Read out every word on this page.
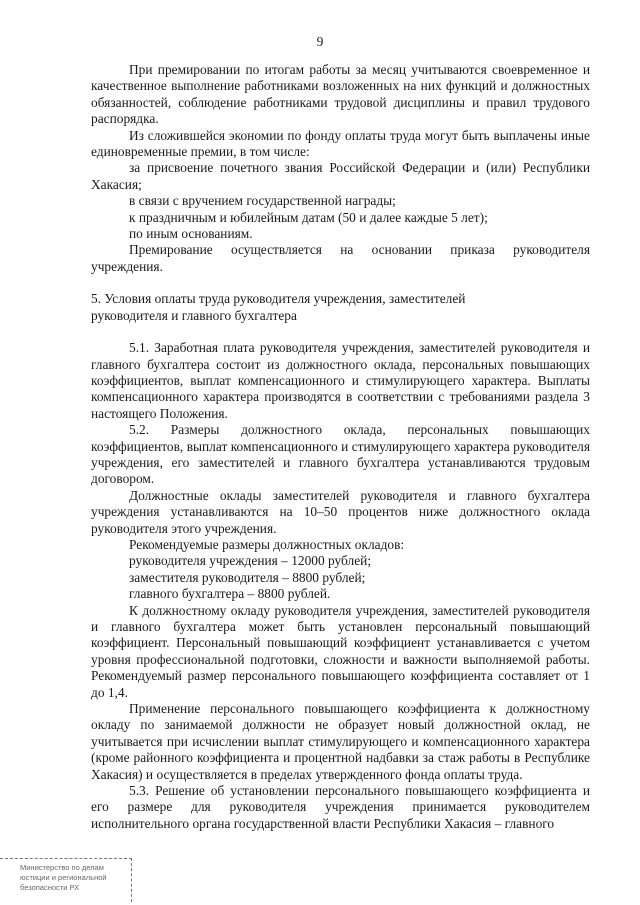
9

При премировании по итогам работы за месяц учитываются своевременное и качественное выполнение работниками возложенных на них функций и должностных обязанностей, соблюдение работниками трудовой дисциплины и правил трудового распорядка.

Из сложившейся экономии по фонду оплаты труда могут быть выплачены иные единовременные премии, в том числе:

за присвоение почетного звания Российской Федерации и (или) Республики Хакасия;

в связи с вручением государственной награды;

к праздничным и юбилейным датам (50 и далее каждые 5 лет);

по иным основаниям.

Премирование осуществляется на основании приказа руководителя учреждения.

5. Условия оплаты труда руководителя учреждения, заместителей

руководителя и главного бухгалтера

5.1. Заработная плата руководителя учреждения, заместителей руководителя и главного бухгалтера состоит из должностного оклада, персональных повышающих коэффициентов, выплат компенсационного и стимулирующего характера. Выплаты компенсационного характера производятся в соответствии с требованиями раздела 3 настоящего Положения.

5.2. Размеры должностного оклада, персональных повышающих коэффициентов, выплат компенсационного и стимулирующего характера руководителя учреждения, его заместителей и главного бухгалтера устанавливаются трудовым договором.

Должностные оклады заместителей руководителя и главного бухгалтера учреждения устанавливаются на 10–50 процентов ниже должностного оклада руководителя этого учреждения.

Рекомендуемые размеры должностных окладов:

руководителя учреждения – 12000 рублей;

заместителя руководителя – 8800 рублей;

главного бухгалтера – 8800 рублей.

К должностному окладу руководителя учреждения, заместителей руководителя и главного бухгалтера может быть установлен персональный повышающий коэффициент. Персональный повышающий коэффициент устанавливается с учетом уровня профессиональной подготовки, сложности и важности выполняемой работы. Рекомендуемый размер персонального повышающего коэффициента составляет от 1 до 1,4.

Применение персонального повышающего коэффициента к должностному окладу по занимаемой должности не образует новый должностной оклад, не учитывается при исчислении выплат стимулирующего и компенсационного характера (кроме районного коэффициента и процентной надбавки за стаж работы в Республике Хакасия) и осуществляется в пределах утвержденного фонда оплаты труда.

5.3. Решение об установлении персонального повышающего коэффициента и его размере для руководителя учреждения принимается руководителем исполнительного органа государственной власти Республики Хакасия – главного

Министерство по делам
юстиции и региональной
безопасности РХ
